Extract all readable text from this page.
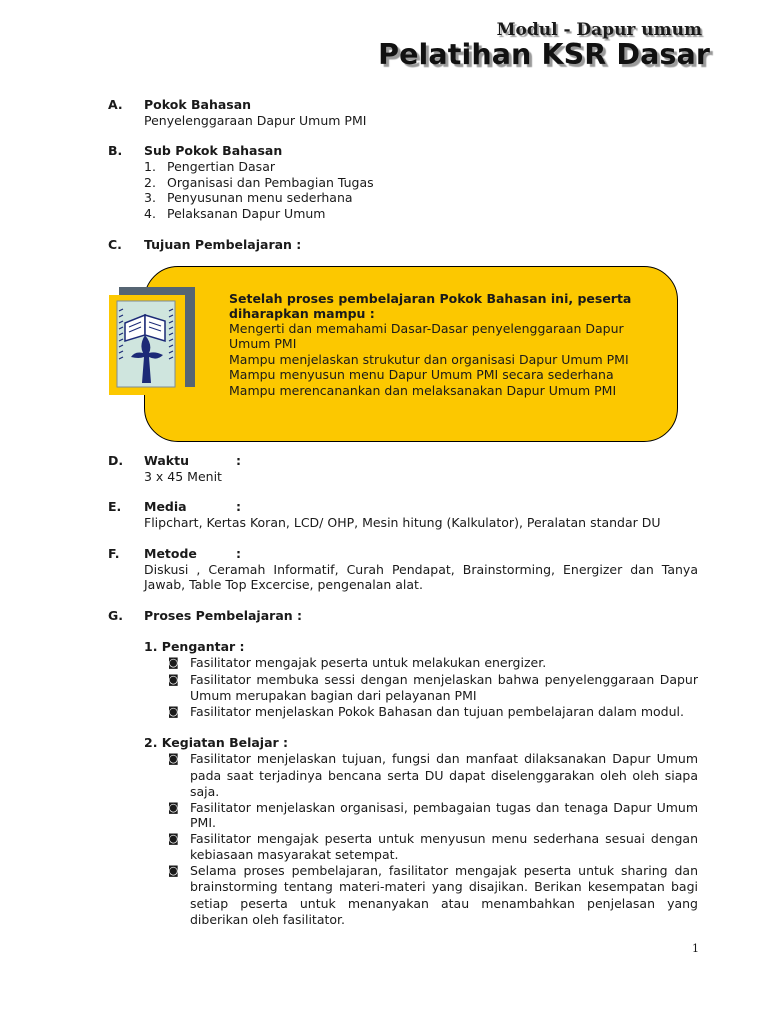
Modul - Dapur umum
Pelatihan KSR Dasar
A. Pokok Bahasan
Penyelenggaraan Dapur Umum PMI
B. Sub Pokok Bahasan
1. Pengertian Dasar
2. Organisasi dan Pembagian Tugas
3. Penyusunan menu sederhana
4. Pelaksanan Dapur Umum
C. Tujuan Pembelajaran :
Setelah proses pembelajaran Pokok Bahasan ini, peserta
diharapkan mampu :
Mengerti dan memahami Dasar-Dasar penyelenggaraan Dapur
Umum PMI
Mampu menjelaskan strukutur dan organisasi Dapur Umum PMI
Mampu menyusun menu Dapur Umum PMI secara sederhana
Mampu merencanankan dan melaksanakan Dapur Umum PMI
D. Waktu	:
3 x 45 Menit
E. Media	:
Flipchart, Kertas Koran, LCD/ OHP, Mesin hitung (Kalkulator), Peralatan standar DU
F. Metode	:
Diskusi , Ceramah Informatif, Curah Pendapat, Brainstorming, Energizer dan Tanya
Jawab, Table Top Excercise, pengenalan alat.
G. Proses Pembelajaran :
1. Pengantar :
◙ Fasilitator mengajak peserta untuk melakukan energizer.
◙ Fasilitator membuka sessi dengan menjelaskan bahwa penyelenggaraan Dapur
Umum merupakan bagian dari pelayanan PMI
◙ Fasilitator menjelaskan Pokok Bahasan dan tujuan pembelajaran dalam modul.
2. Kegiatan Belajar :
◙ Fasilitator menjelaskan tujuan, fungsi dan manfaat dilaksanakan Dapur Umum
pada saat terjadinya bencana serta DU dapat diselenggarakan oleh oleh siapa
saja.
◙ Fasilitator menjelaskan organisasi, pembagaian tugas dan tenaga Dapur Umum
PMI.
◙ Fasilitator mengajak peserta untuk menyusun menu sederhana sesuai dengan
kebiasaan masyarakat setempat.
◙ Selama proses pembelajaran, fasilitator mengajak peserta untuk sharing dan
brainstorming tentang materi-materi yang disajikan. Berikan kesempatan bagi
setiap peserta untuk menanyakan atau menambahkan penjelasan yang
diberikan oleh fasilitator.
1
